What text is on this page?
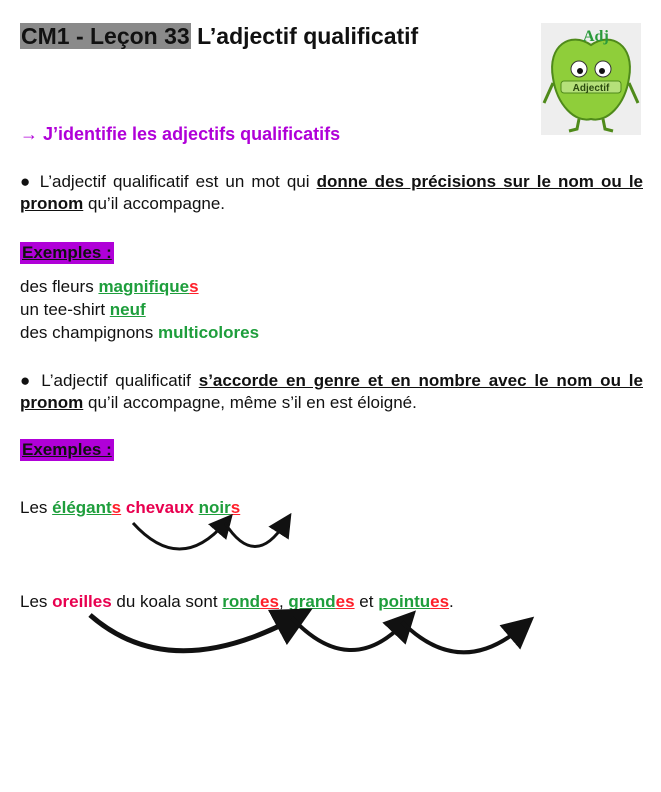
CM1 - Leçon 33 L’adjectif qualificatif
Adjectif
Adj
→ J’identifie les adjectifs qualificatifs
● L’adjectif qualificatif est un mot qui donne des précisions sur le nom ou le pronom qu’il accompagne.
Exemples :
des fleurs magnifiques
un tee-shirt neuf
des champignons multicolores
● L’adjectif qualificatif s’accorde en genre et en nombre avec le nom ou le pronom qu’il accompagne, même s’il en est éloigné.
Exemples :
Les élégants chevaux noirs
Les oreilles du koala sont rondes, grandes et pointues.
